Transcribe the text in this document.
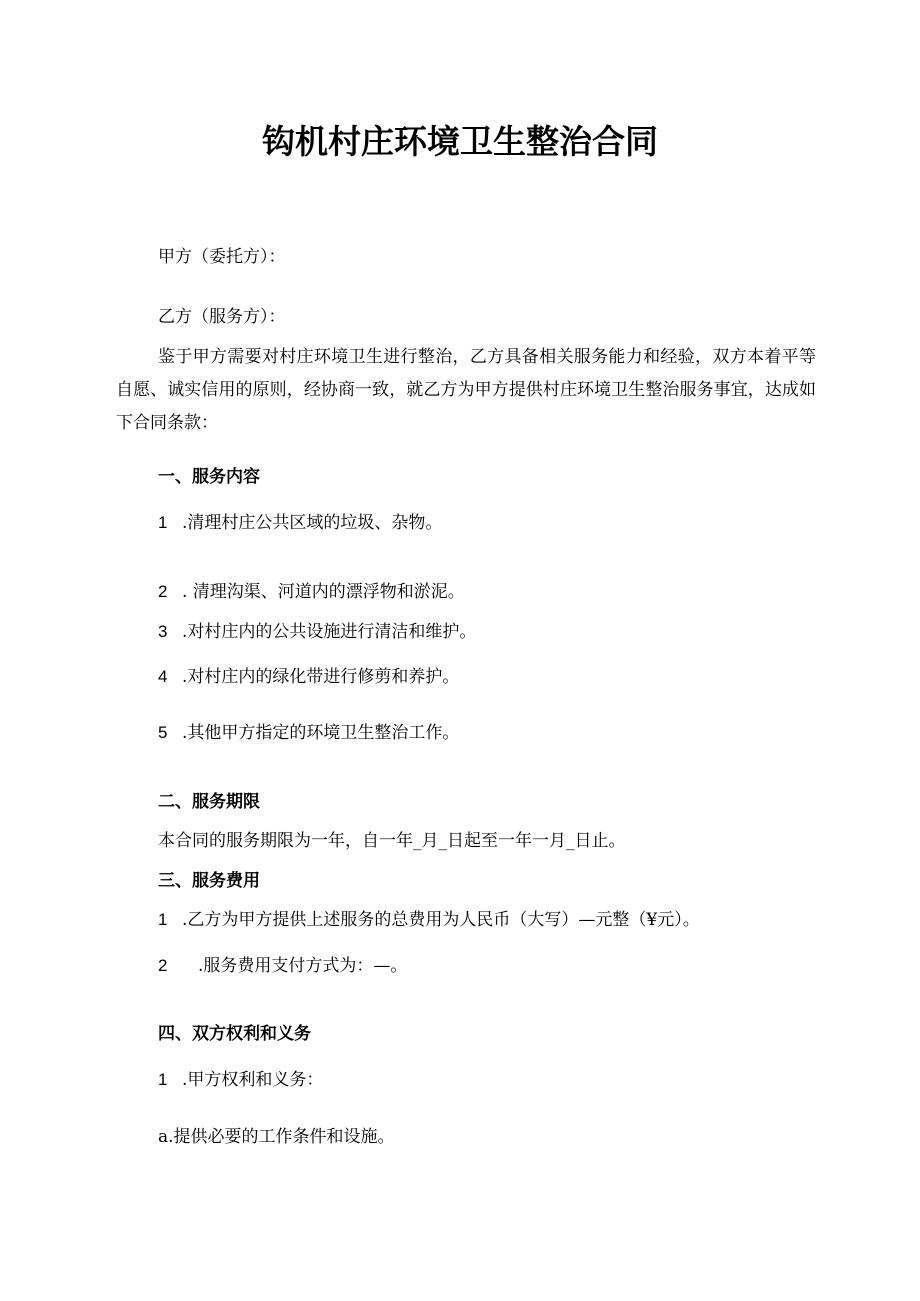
钩机村庄环境卫生整治合同
甲方（委托方）：
乙方（服务方）：
鉴于甲方需要对村庄环境卫生进行整治，乙方具备相关服务能力和经验，双方本着平等自愿、诚实信用的原则，经协商一致，就乙方为甲方提供村庄环境卫生整治服务事宜，达成如下合同条款：
一、服务内容
1 .清理村庄公共区域的垃圾、杂物。
2 . 清理沟渠、河道内的漂浮物和淤泥。
3 .对村庄内的公共设施进行清洁和维护。
4 .对村庄内的绿化带进行修剪和养护。
5 .其他甲方指定的环境卫生整治工作。
二、服务期限
本合同的服务期限为一年，自一年_月_日起至一年一月_日止。
三、服务费用
1 .乙方为甲方提供上述服务的总费用为人民币（大写）—元整（¥元）。
2 .服务费用支付方式为：—。
四、双方权利和义务
1 .甲方权利和义务：
a.提供必要的工作条件和设施。
